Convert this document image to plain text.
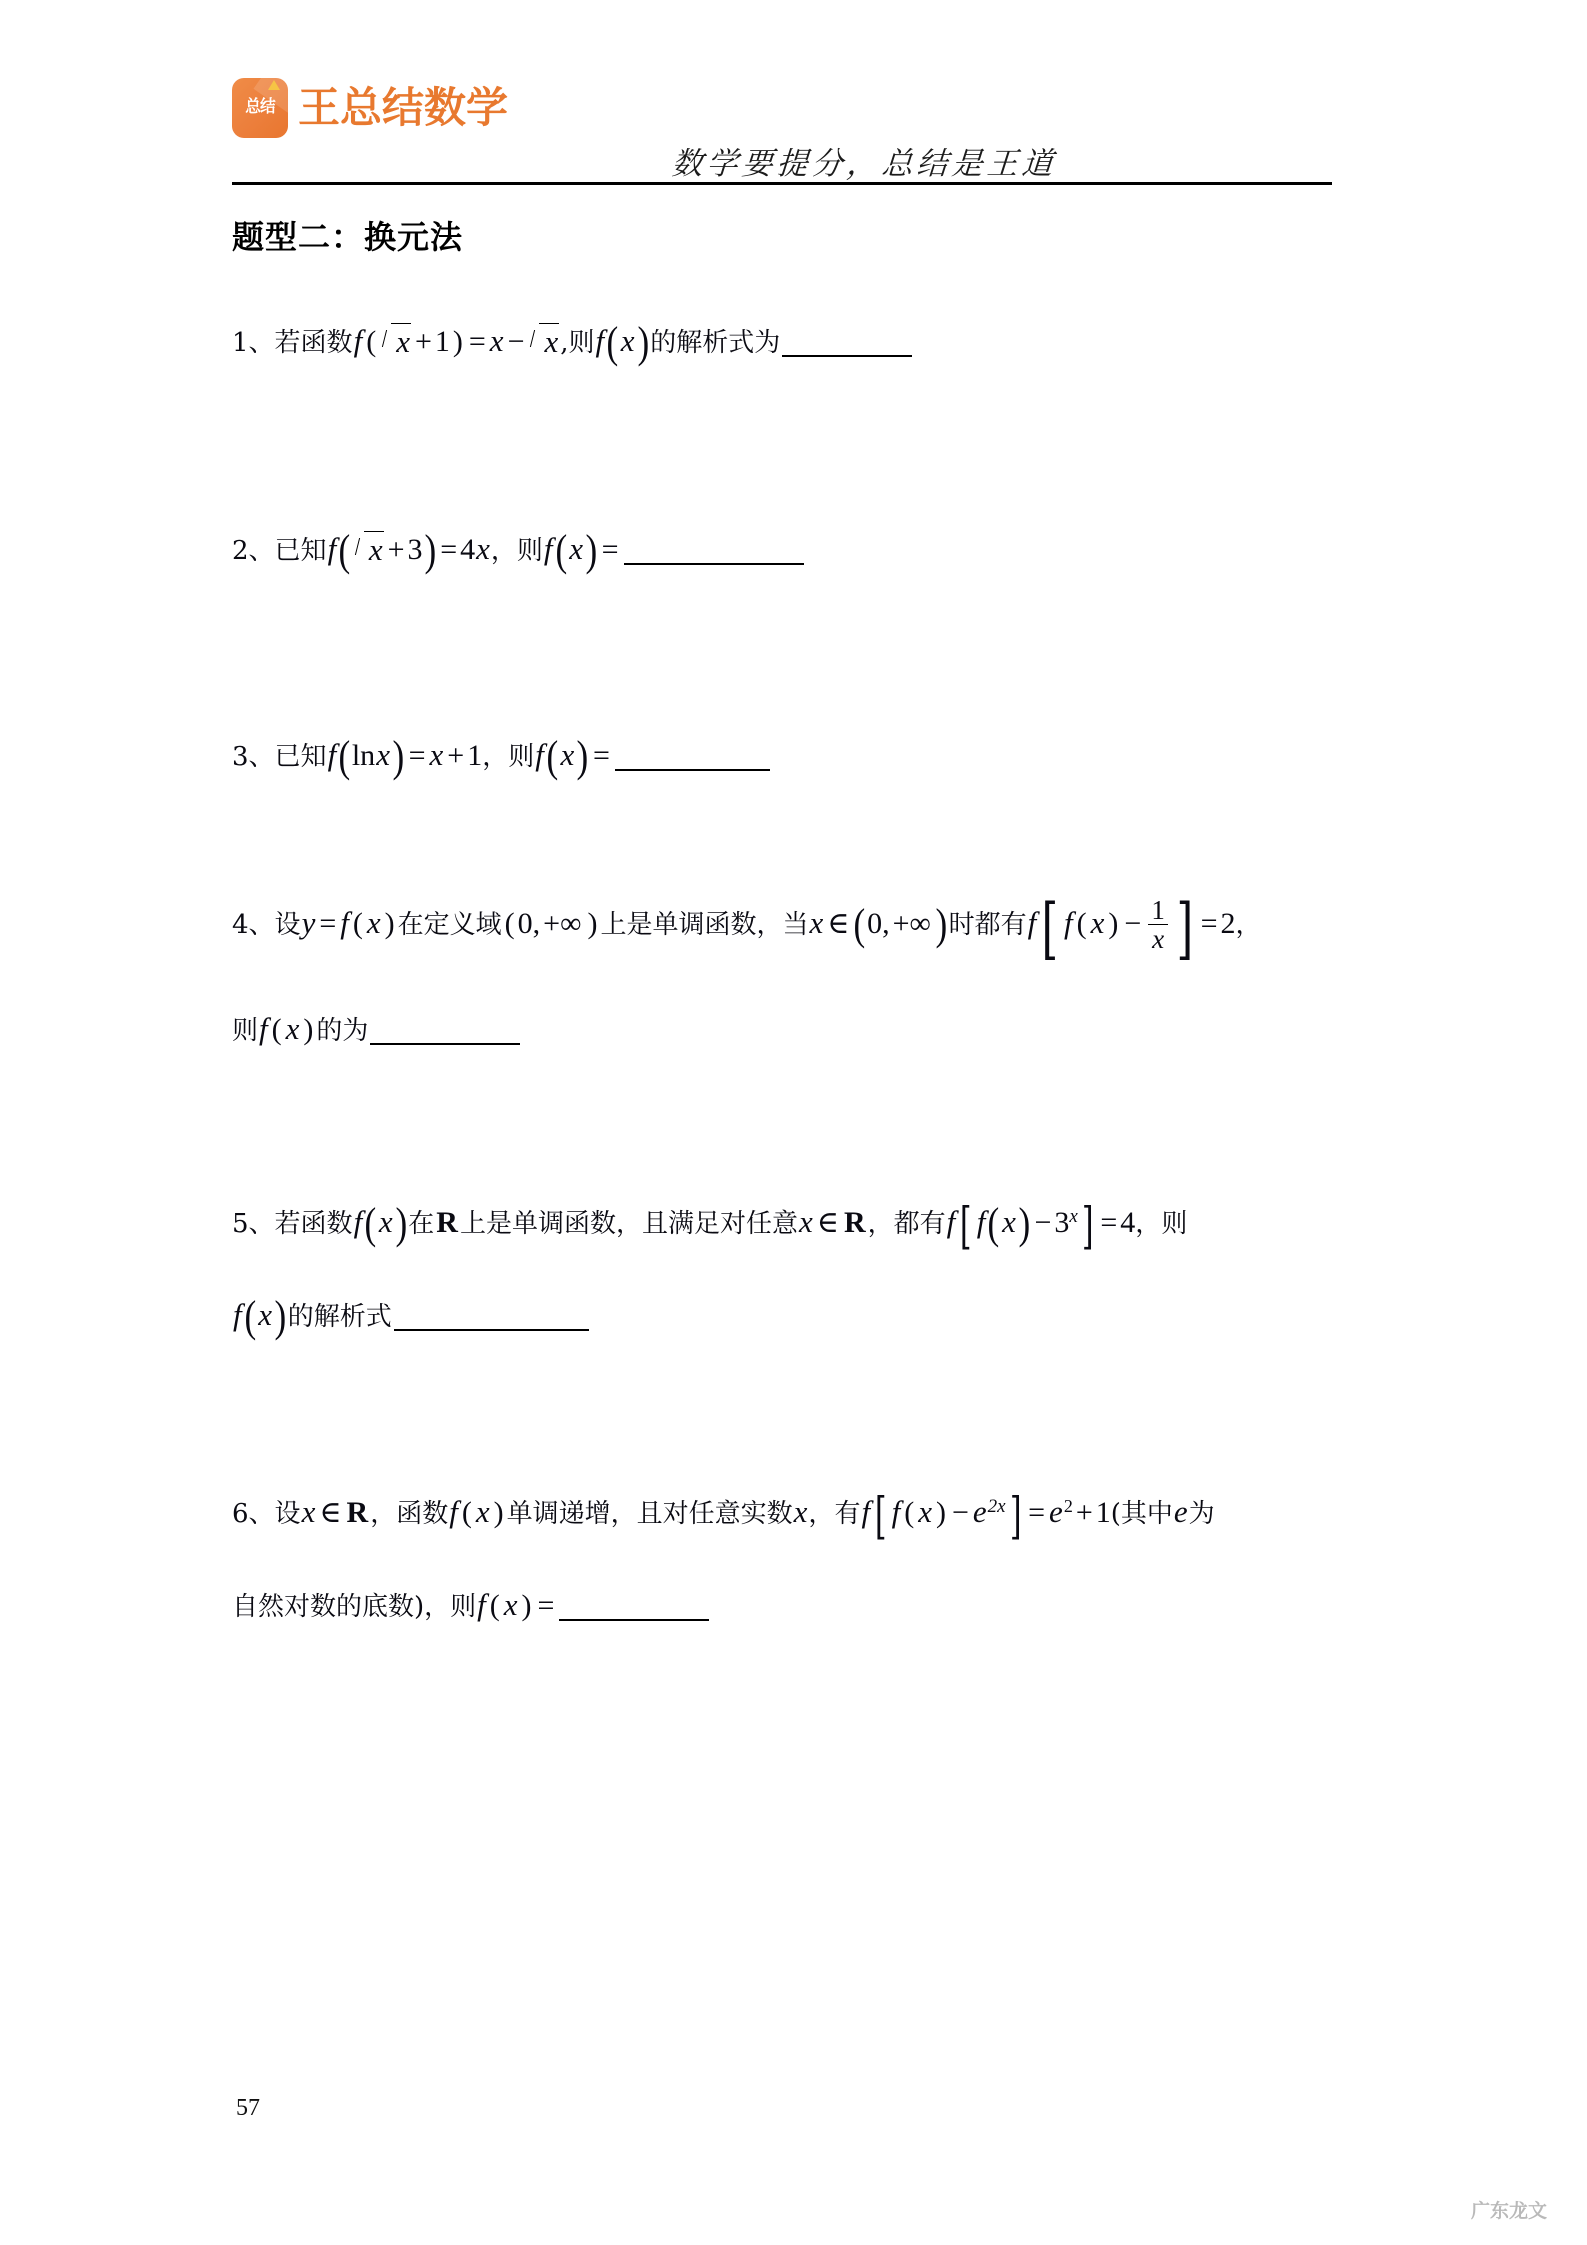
总结 王总结数学
数学要提分，总结是王道
题型二：换元法
1、若函数f ( x + 1 ) = x − x,则f(x)的解析式为
2、已知f( x + 3) = 4x，则f(x) =
3、已知f(lnx) = x + 1，则f(x) =
4、设y = f ( x ) 在定义域 ( 0, +∞ ) 上是单调函数，当x ∈ (0, +∞ )时都有f[ f ( x ) − $\frac{1}{x}$ ] = 2，
则f ( x ) 的为
5、若函数f(x)在R上是单调函数，且满足对任意x ∈ R，都有f[ $f(x) - 3^x] = 4$，则
f(x)的解析式
6、设x ∈ R，函数f ( x ) 单调递增，且对任意实数x，有f[ f ( x ) − $e^{2x}] = e^2 + 1$(其中e为
自然对数的底数)，则f ( x ) =
57
广东龙文
